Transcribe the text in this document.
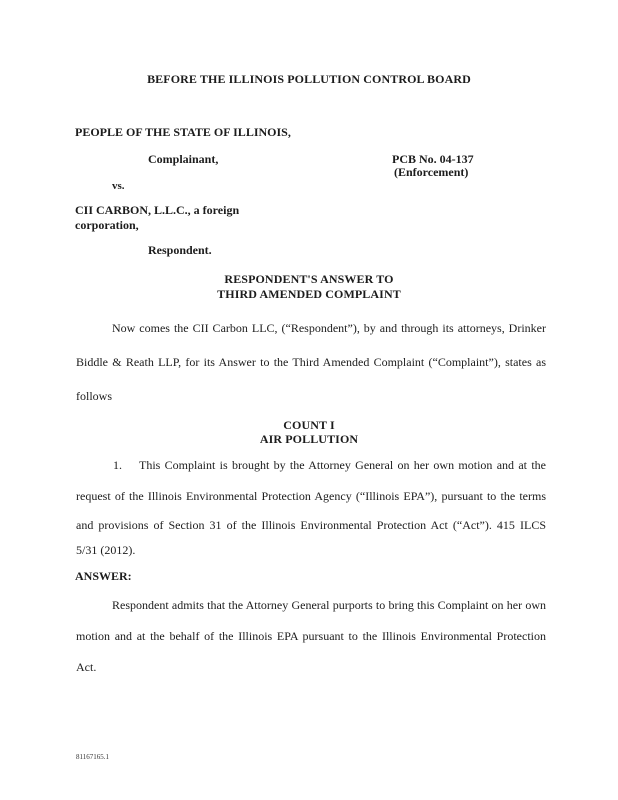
BEFORE THE ILLINOIS POLLUTION CONTROL BOARD
PEOPLE OF THE STATE OF ILLINOIS,
Complainant,	PCB No. 04-137
(Enforcement)
vs.
CII CARBON, L.L.C., a foreign
corporation,
Respondent.
RESPONDENT'S ANSWER TO
THIRD AMENDED COMPLAINT
Now comes the CII Carbon LLC, (“Respondent”), by and through its attorneys, Drinker
Biddle & Reath LLP, for its Answer to the Third Amended Complaint (“Complaint”), states as
follows
COUNT I
AIR POLLUTION
1. This Complaint is brought by the Attorney General on her own motion and at the
request of the Illinois Environmental Protection Agency (“Illinois EPA”), pursuant to the terms
and provisions of Section 31 of the Illinois Environmental Protection Act (“Act”). 415 ILCS
5/31 (2012).
ANSWER:
Respondent admits that the Attorney General purports to bring this Complaint on her own
motion and at the behalf of the Illinois EPA pursuant to the Illinois Environmental Protection
Act.
81167165.1
